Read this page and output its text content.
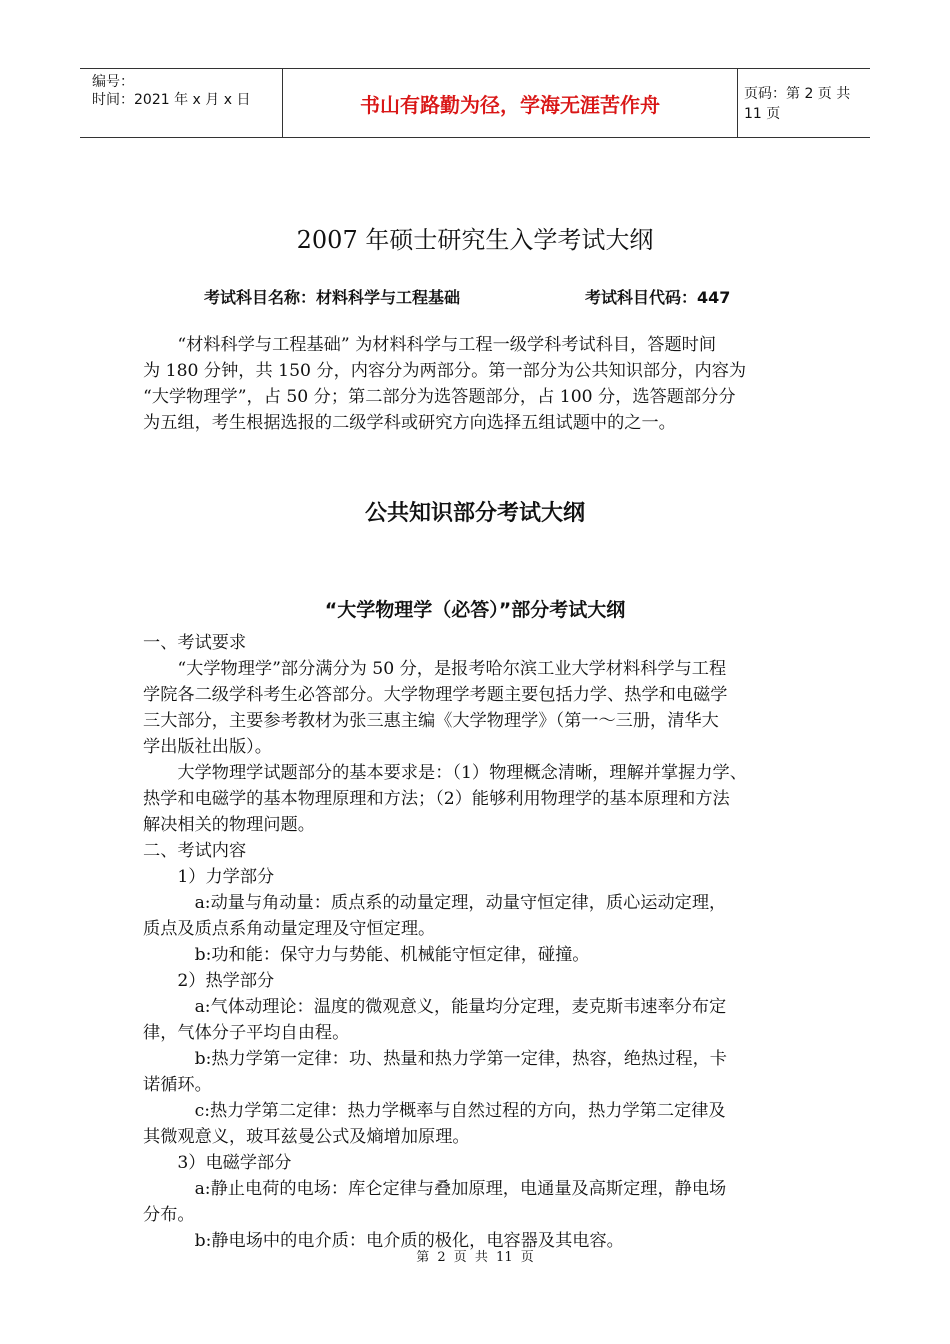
编号：
时间：2021 年 x 月 x 日	书山有路勤为径，学海无涯苦作舟	页码：第 2 页 共 11 页
2007 年硕士研究生入学考试大纲
考试科目名称：材料科学与工程基础	考试科目代码：447
　　“材料科学与工程基础” 为材料科学与工程一级学科考试科目，答题时间
为 180 分钟，共 150 分，内容分为两部分。第一部分为公共知识部分，内容为
“大学物理学”，占 50 分；第二部分为选答题部分，占 100 分，选答题部分分
为五组，考生根据选报的二级学科或研究方向选择五组试题中的之一。
公共知识部分考试大纲
“大学物理学（必答）”部分考试大纲
一、考试要求
　　“大学物理学”部分满分为 50 分，是报考哈尔滨工业大学材料科学与工程
学院各二级学科考生必答部分。大学物理学考题主要包括力学、热学和电磁学
三大部分，主要参考教材为张三惠主编《大学物理学》（第一～三册，清华大
学出版社出版）。
　　大学物理学试题部分的基本要求是：（1）物理概念清晰，理解并掌握力学、
热学和电磁学的基本物理原理和方法；（2）能够利用物理学的基本原理和方法
解决相关的物理问题。
二、考试内容
　　1）力学部分
　　　a:动量与角动量：质点系的动量定理，动量守恒定律，质心运动定理，
质点及质点系角动量定理及守恒定理。
　　　b:功和能：保守力与势能、机械能守恒定律，碰撞。
　　2）热学部分
　　　a:气体动理论：温度的微观意义，能量均分定理，麦克斯韦速率分布定
律，气体分子平均自由程。
　　　b:热力学第一定律：功、热量和热力学第一定律，热容，绝热过程，卡
诺循环。
　　　c:热力学第二定律：热力学概率与自然过程的方向，热力学第二定律及
其微观意义，玻耳兹曼公式及熵增加原理。
　　3）电磁学部分
　　　a:静止电荷的电场：库仑定律与叠加原理，电通量及高斯定理，静电场
分布。
　　　b:静电场中的电介质：电介质的极化，电容器及其电容。
第 2 页 共 11 页
